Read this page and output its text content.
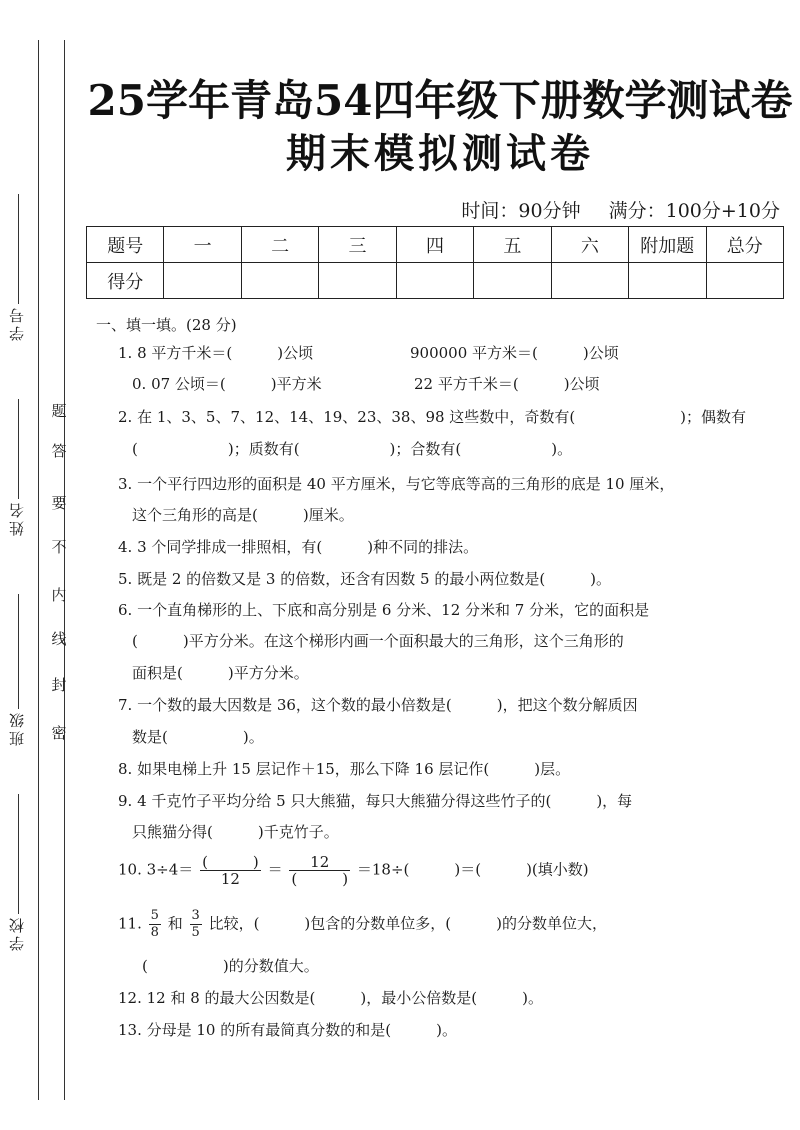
学号
姓名
班级
学校
题
答
要
不
内
线
封
密
25学年青岛54四年级下册数学测试卷
期末模拟测试卷
时间：90分钟 满分：100分+10分
题号	一	二	三	四	五	六	附加题	总分
得分								
一、填一填。(28 分)
1. 8 平方千米＝(　　　)公顷	900000 平方米＝(　　　)公顷
0. 07 公顷＝(　　　)平方米	22 平方千米＝(　　　)公顷
2. 在 1、3、5、7、12、14、19、23、38、98 这些数中，奇数有(　　　　　　　)；偶数有
(　　　　　　)；质数有(　　　　　　)；合数有(　　　　　　)。
3. 一个平行四边形的面积是 40 平方厘米，与它等底等高的三角形的底是 10 厘米，
这个三角形的高是(　　　)厘米。
4. 3 个同学排成一排照相，有(　　　)种不同的排法。
5. 既是 2 的倍数又是 3 的倍数，还含有因数 5 的最小两位数是(　　　)。
6. 一个直角梯形的上、下底和高分别是 6 分米、12 分米和 7 分米，它的面积是
(　　　)平方分米。在这个梯形内画一个面积最大的三角形，这个三角形的
面积是(　　　)平方分米。
7. 一个数的最大因数是 36，这个数的最小倍数是(　　　)，把这个数分解质因
数是(　　　　　)。
8. 如果电梯上升 15 层记作＋15，那么下降 16 层记作(　　　)层。
9. 4 千克竹子平均分给 5 只大熊猫，每只大熊猫分得这些竹子的(　　　)，每
只熊猫分得(　　　)千克竹子。
10. $3\div 4= \frac{( )}{12} = \frac{12}{( )} =18\div$(　　　)＝(　　　)(填小数)
11. $\frac{5}{8}$ 和 $\frac{3}{5}$ 比较，(　　　)包含的分数单位多，(　　　)的分数单位大，
(　　　　　)的分数值大。
12. 12 和 8 的最大公因数是(　　　)，最小公倍数是(　　　)。
13. 分母是 10 的所有最简真分数的和是(　　　)。
